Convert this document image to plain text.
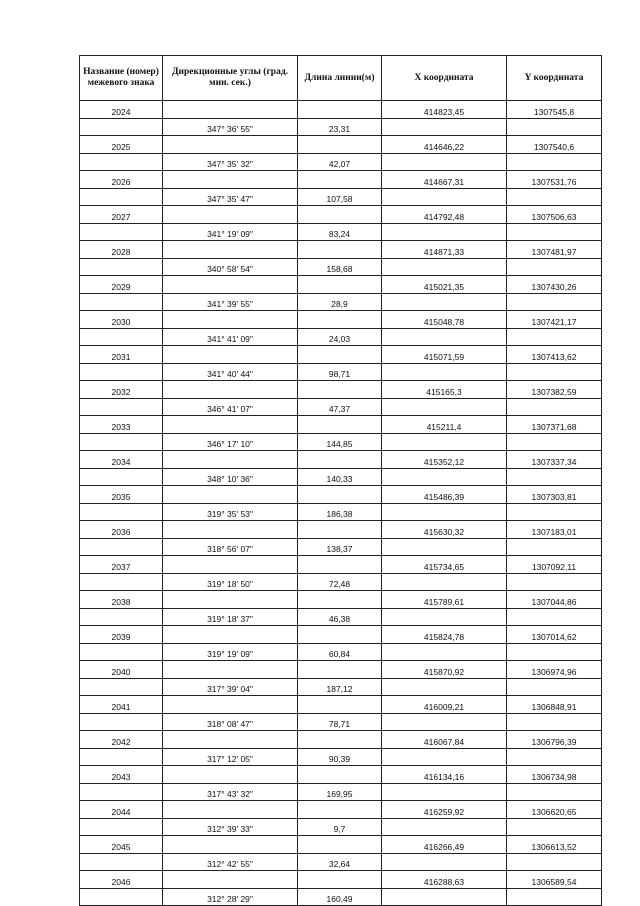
Название (номер) межевого знака	Дирекционные углы (град. мин. сек.)	Длина линии(м)	X координата	Y координата
2024			414823,45	1307545,8
	347° 36' 55"	23,31		
2025			414646,22	1307540,6
	347° 35' 32"	42,07		
2026			414667,31	1307531,76
	347° 35' 47"	107,58		
2027			414792,48	1307506,63
	341° 19' 09"	83,24		
2028			414871,33	1307481,97
	340° 58' 54"	158,68		
2029			415021,35	1307430,26
	341° 39' 55"	28,9		
2030			415048,78	1307421,17
	341° 41' 09"	24,03		
2031			415071,59	1307413,62
	341° 40' 44"	98,71		
2032			415165,3	1307382,59
	346° 41' 07"	47,37		
2033			415211,4	1307371,68
	346° 17' 10"	144,85		
2034			415352,12	1307337,34
	348° 10' 36"	140,33		
2035			415486,39	1307303,81
	319° 35' 53"	186,38		
2036			415630,32	1307183,01
	318° 56' 07"	138,37		
2037			415734,65	1307092,11
	319° 18' 50"	72,48		
2038			415789,61	1307044,86
	319° 18' 37"	46,38		
2039			415824,78	1307014,62
	319° 19' 09"	60,84		
2040			415870,92	1306974,96
	317° 39' 04"	187,12		
2041			416009,21	1306848,91
	318° 08' 47"	78,71		
2042			416067,84	1306796,39
	317° 12' 05"	90,39		
2043			416134,16	1306734,98
	317° 43' 32"	169,95		
2044			416259,92	1306620,65
	312° 39' 33"	9,7		
2045			416266,49	1306613,52
	312° 42' 55"	32,64		
2046			416288,63	1306589,54
	312° 28' 29"	160,49		
